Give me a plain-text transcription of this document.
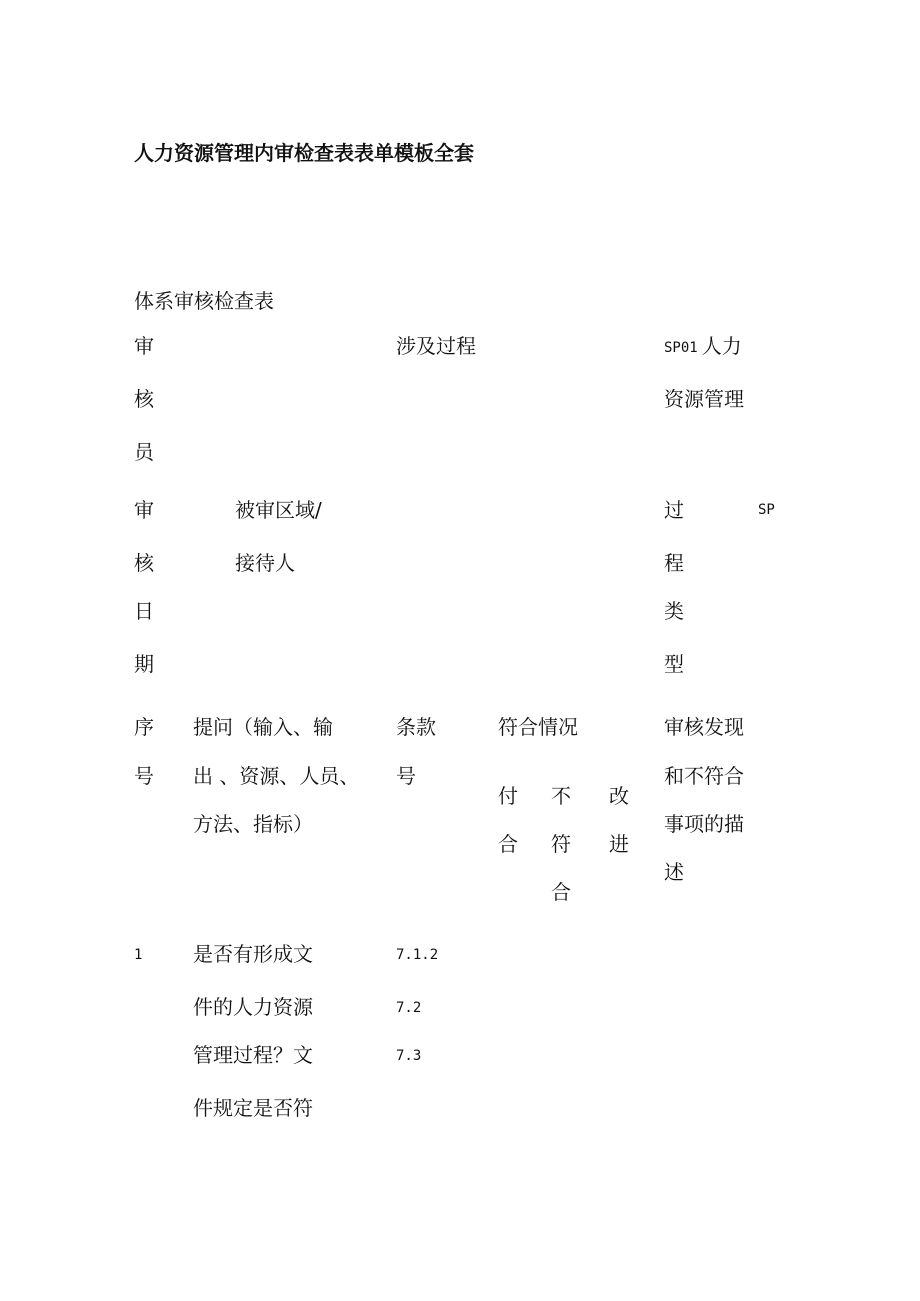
人力资源管理内审检查表表单模板全套
体系审核检查表
审
核
员
涉及过程	SP01 人力
资源管理
审
核
日
期
被审区域/
接待人
过
程
类
型
SP
序
号
提问（输入、输
出 、资源、人员、
方法、指标）
条款
号
符合情况
付
合
不
符
合
改
进
审核发现
和不符合
事项的描
述
1	是否有形成文
件的人力资源
管理过程？文
件规定是否符
7.1.2
7.2
7.3
